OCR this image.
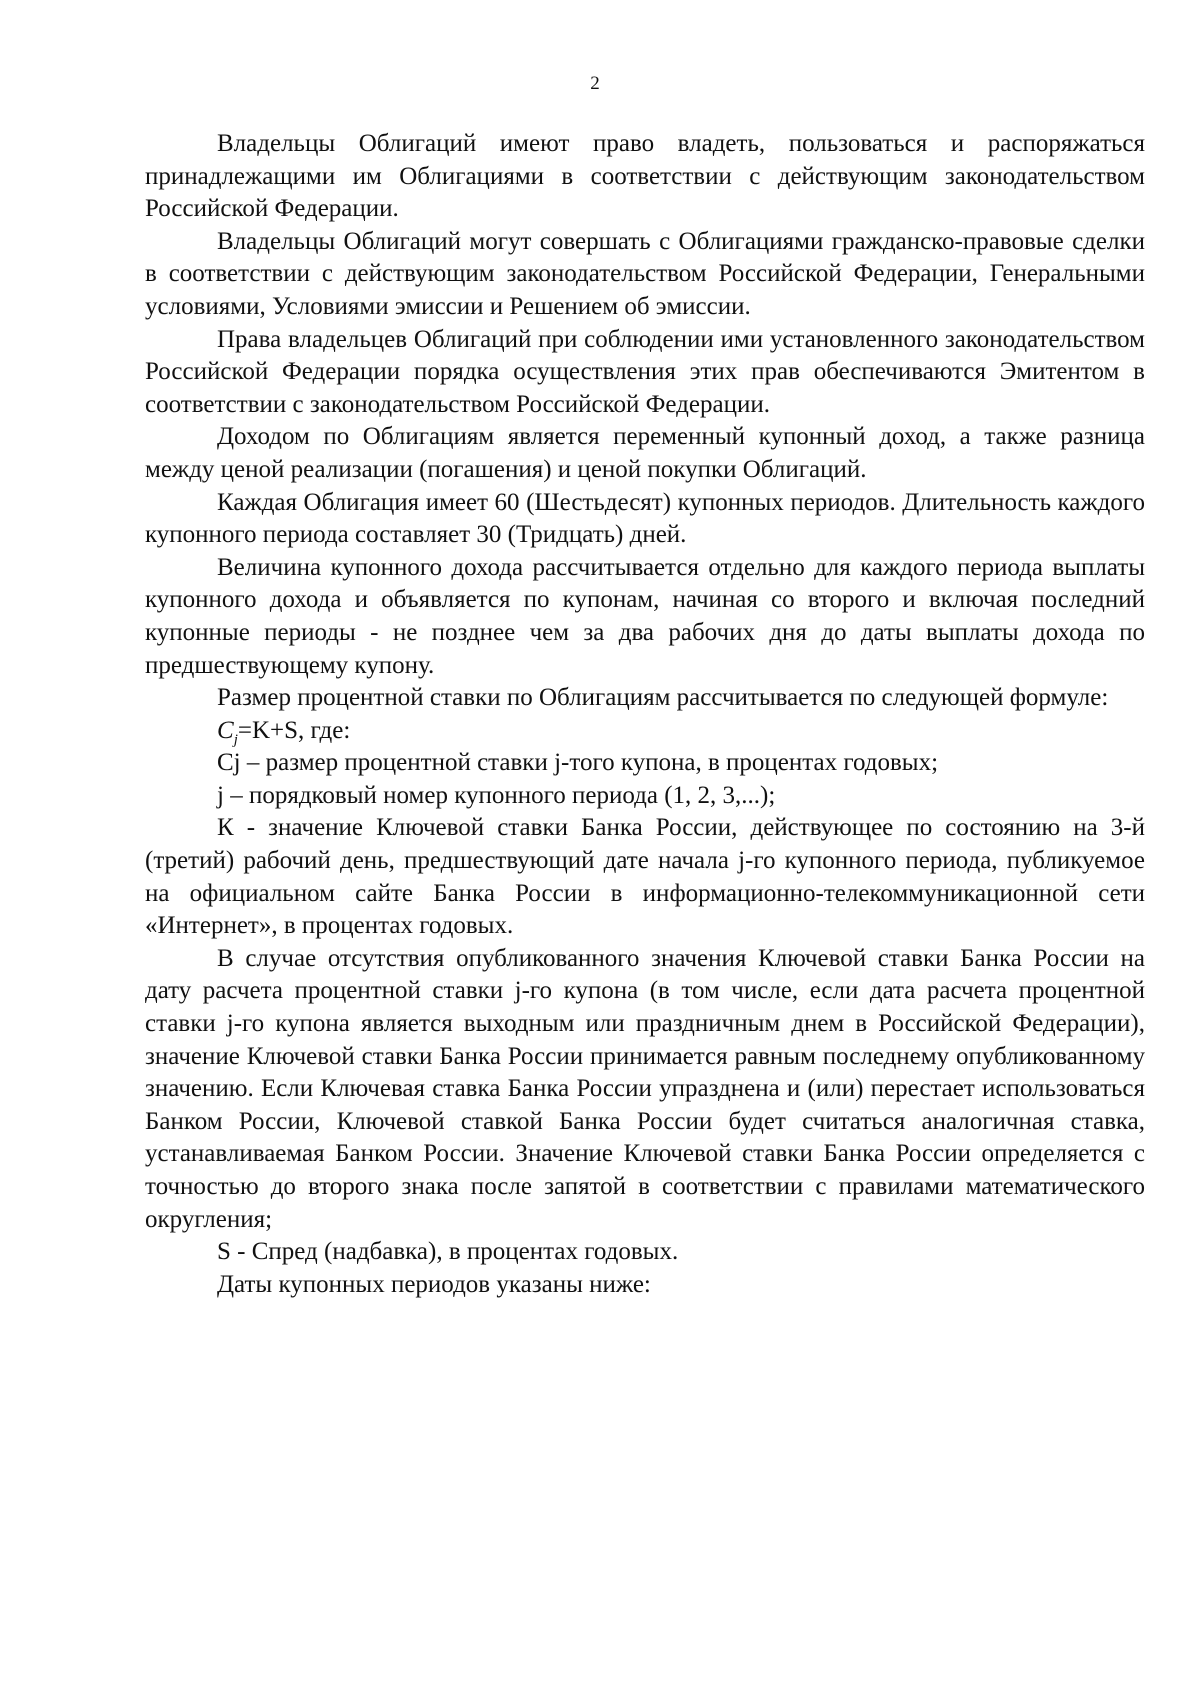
2

Владельцы Облигаций имеют право владеть, пользоваться и распоряжаться принадлежащими им Облигациями в соответствии с действующим законодательством Российской Федерации.

Владельцы Облигаций могут совершать с Облигациями гражданско-правовые сделки в соответствии с действующим законодательством Российской Федерации, Генеральными условиями, Условиями эмиссии и Решением об эмиссии.

Права владельцев Облигаций при соблюдении ими установленного законодательством Российской Федерации порядка осуществления этих прав обеспечиваются Эмитентом в соответствии с законодательством Российской Федерации.

Доходом по Облигациям является переменный купонный доход, а также разница между ценой реализации (погашения) и ценой покупки Облигаций.

Каждая Облигация имеет 60 (Шестьдесят) купонных периодов. Длительность каждого купонного периода составляет 30 (Тридцать) дней.

Величина купонного дохода рассчитывается отдельно для каждого периода выплаты купонного дохода и объявляется по купонам, начиная со второго и включая последний купонные периоды - не позднее чем за два рабочих дня до даты выплаты дохода по предшествующему купону.

Размер процентной ставки по Облигациям рассчитывается по следующей формуле:

$C_j=K+S$, где:

Cj – размер процентной ставки j-того купона, в процентах годовых;

j – порядковый номер купонного периода (1, 2, 3,...);

К - значение Ключевой ставки Банка России, действующее по состоянию на 3-й (третий) рабочий день, предшествующий дате начала j-го купонного периода, публикуемое на официальном сайте Банка России в информационно-телекоммуникационной сети «Интернет», в процентах годовых.

В случае отсутствия опубликованного значения Ключевой ставки Банка России на дату расчета процентной ставки j-го купона (в том числе, если дата расчета процентной ставки j-го купона является выходным или праздничным днем в Российской Федерации), значение Ключевой ставки Банка России принимается равным последнему опубликованному значению. Если Ключевая ставка Банка России упразднена и (или) перестает использоваться Банком России, Ключевой ставкой Банка России будет считаться аналогичная ставка, устанавливаемая Банком России. Значение Ключевой ставки Банка России определяется с точностью до второго знака после запятой в соответствии с правилами математического округления;

S - Спред (надбавка), в процентах годовых.

Даты купонных периодов указаны ниже:
